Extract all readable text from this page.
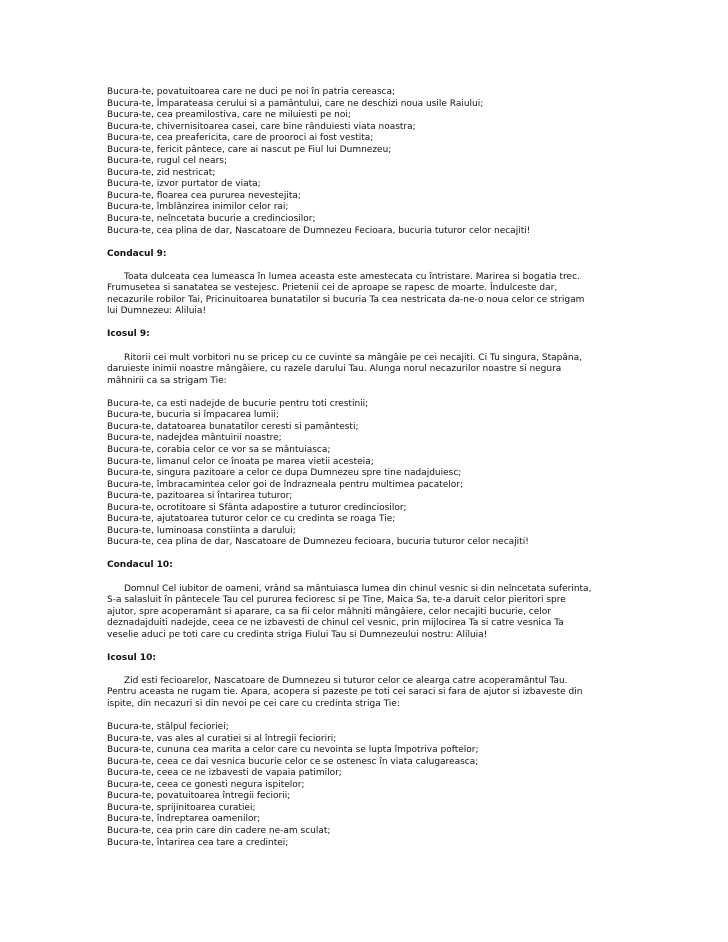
Bucura-te, povatuitoarea care ne duci pe noi în patria cereasca;
Bucura-te, Împarateasa cerului si a pamântului, care ne deschizi noua usile Raiului;
Bucura-te, cea preamilostiva, care ne miluiesti pe noi;
Bucura-te, chivernisitoarea casei, care bine rânduiesti viata noastra;
Bucura-te, cea preafericita, care de prooroci ai fost vestita;
Bucura-te, fericit pântece, care ai nascut pe Fiul lui Dumnezeu;
Bucura-te, rugul cel nears;
Bucura-te, zid nestricat;
Bucura-te, izvor purtator de viata;
Bucura-te, floarea cea pururea nevestejita;
Bucura-te, îmblânzirea inimilor celor rai;
Bucura-te, neîncetata bucurie a credinciosilor;
Bucura-te, cea plina de dar, Nascatoare de Dumnezeu Fecioara, bucuria tuturor celor necajiti!
Condacul 9:
Toata dulceata cea lumeasca în lumea aceasta este amestecata cu întristare. Marirea si bogatia trec.
Frumusetea si sanatatea se vestejesc. Prietenii cei de aproape se rapesc de moarte. Îndulceste dar,
necazurile robilor Tai, Pricinuitoarea bunatatilor si bucuria Ta cea nestricata da-ne-o noua celor ce strigam
lui Dumnezeu: Aliluia!
Icosul 9:
Ritorii cei mult vorbitori nu se pricep cu ce cuvinte sa mângâie pe cei necajiti. Ci Tu singura, Stapâna,
daruieste inimii noastre mângâiere, cu razele darului Tau. Alunga norul necazurilor noastre si negura
mâhnirii ca sa strigam Tie:
Bucura-te, ca esti nadejde de bucurie pentru toti crestinii;
Bucura-te, bucuria si împacarea lumii;
Bucura-te, datatoarea bunatatilor ceresti si pamântesti;
Bucura-te, nadejdea mântuirii noastre;
Bucura-te, corabia celor ce vor sa se mântuiasca;
Bucura-te, limanul celor ce înoata pe marea vietii acesteia;
Bucura-te, singura pazitoare a celor ce dupa Dumnezeu spre tine nadajduiesc;
Bucura-te, îmbracamintea celor goi de îndrazneala pentru multimea pacatelor;
Bucura-te, pazitoarea si întarirea tuturor;
Bucura-te, ocrotitoare si Sfânta adapostire a tuturor credinciosilor;
Bucura-te, ajutatoarea tuturor celor ce cu credinta se roaga Tie;
Bucura-te, luminoasa constiinta a darului;
Bucura-te, cea plina de dar, Nascatoare de Dumnezeu fecioara, bucuria tuturor celor necajiti!
Condacul 10:
Domnul Cel iubitor de oameni, vrând sa mântuiasca lumea din chinul vesnic si din neîncetata suferinta,
S-a salasluit în pântecele Tau cel pururea fecioresc si pe Tine, Maica Sa, te-a daruit celor pieritori spre
ajutor, spre acoperamânt si aparare, ca sa fii celor mâhniti mângâiere, celor necajiti bucurie, celor
deznadajduiti nadejde, ceea ce ne izbavesti de chinul cel vesnic, prin mijlocirea Ta si catre vesnica Ta
veselie aduci pe toti care cu credinta striga Fiului Tau si Dumnezeului nostru: Aliluia!
Icosul 10:
Zid esti fecioarelor, Nascatoare de Dumnezeu si tuturor celor ce alearga catre acoperamântul Tau.
Pentru aceasta ne rugam tie. Apara, acopera si pazeste pe toti cei saraci si fara de ajutor si izbaveste din
ispite, din necazuri si din nevoi pe cei care cu credinta striga Tie:
Bucura-te, stâlpul fecioriei;
Bucura-te, vas ales al curatiei si al întregii fecioriri;
Bucura-te, cununa cea marita a celor care cu nevointa se lupta împotriva poftelor;
Bucura-te, ceea ce dai vesnica bucurie celor ce se ostenesc în viata calugareasca;
Bucura-te, ceea ce ne izbavesti de vapaia patimilor;
Bucura-te, ceea ce gonesti negura ispitelor;
Bucura-te, povatuitoarea întregii feciorii;
Bucura-te, sprijinitoarea curatiei;
Bucura-te, îndreptarea oamenilor;
Bucura-te, cea prin care din cadere ne-am sculat;
Bucura-te, întarirea cea tare a credintei;
